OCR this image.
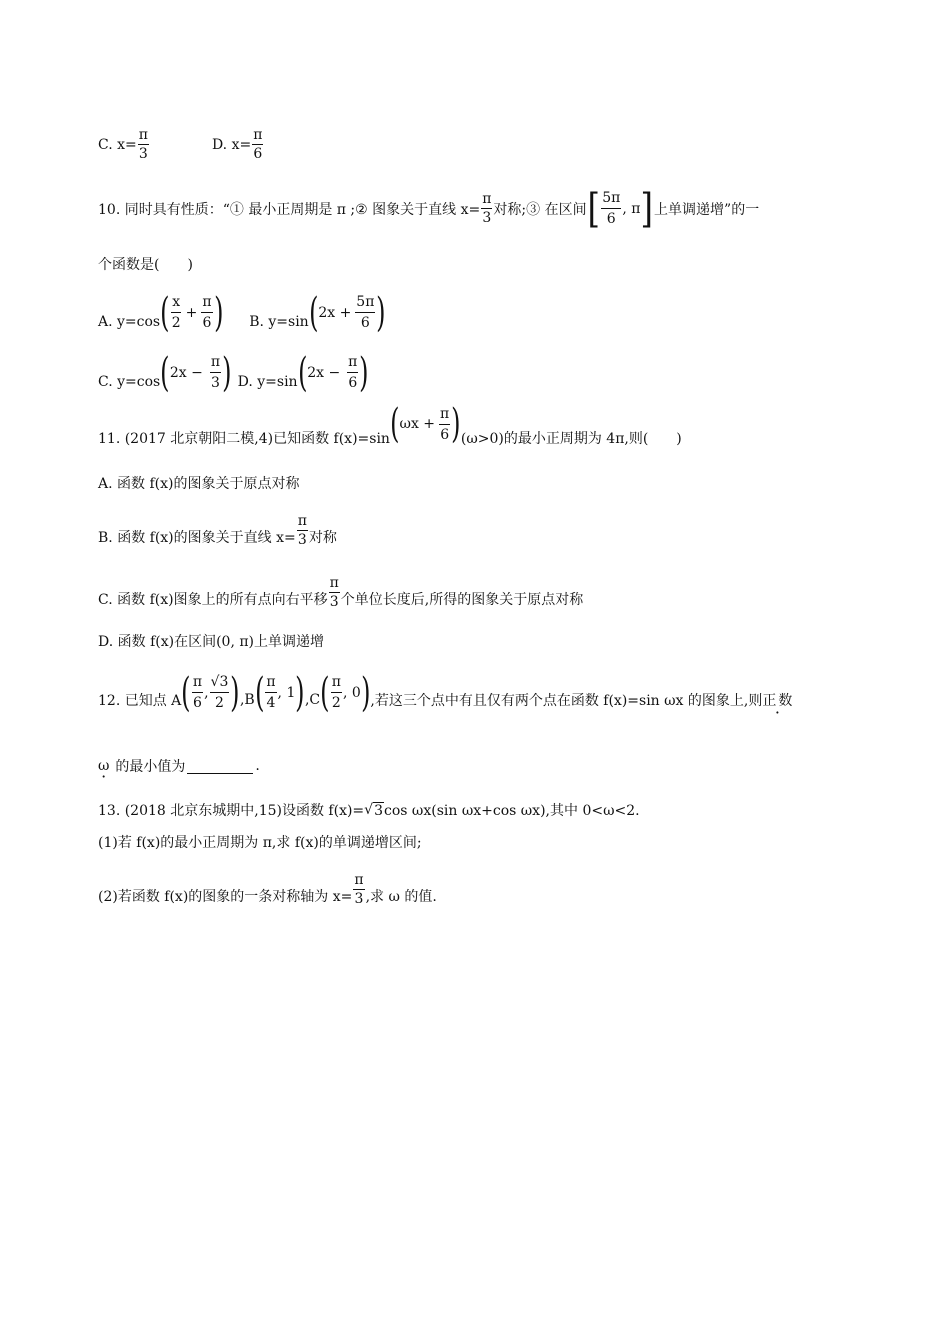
C. $x= \frac{\pi}{3}$	D. $x= \frac{\pi}{6}$
10. 同时具有性质：“① 最小正周期是 π ;② 图象关于直线 $x= \frac{\pi}{3}$ 对称;③ 在区间 [ $\frac{5\pi}{6}$ , π ] 上单调递增”的一
个函数是(　　)
A. y=cos ( $\frac{x}{2} + \frac{\pi}{6}$ ) B. y=sin ( $2x + \frac{5\pi}{6}$ )
C. y=cos ( $2x - \frac{\pi}{3}$ ) D. y=sin ( $2x - \frac{\pi}{6}$ )
11. (2017 北京朝阳二模,4)已知函数 f(x)=sin ( $\omega x + \frac{\pi}{6}$ ) (ω>0)的最小正周期为 4π,则(　　)
A. 函数 f(x)的图象关于原点对称
B. 函数 f(x)的图象关于直线 $x= \frac{\pi}{3}$ 对称
C. 函数 f(x)图象上的所有点向右平移 $\frac{\pi}{3}$ 个单位长度后,所得的图象关于原点对称
D. 函数 f(x)在区间(0, π)上单调递增
12. 已知点 A ( $\frac{\pi}{6}$ , $\frac{√3}{2}$ ) ,B ( $\frac{\pi}{4}$ , 1 ) ,C ( $\frac{\pi}{2}$ , 0 ) ,若这三个点中有且仅有两个点在函数 f(x)=sin ωx 的图象上,则 正数 ·
ω · 的最小值为	.
13. (2018 北京东城期中,15)设函数 f(x)= √ 3 cos ωx(sin ωx+cos ωx),其中 0<ω<2.
(1)若 f(x)的最小正周期为 π,求 f(x)的单调递增区间;
(2)若函数 f(x)的图象的一条对称轴为 $x= \frac{\pi}{3}$ ,求 ω 的值.
